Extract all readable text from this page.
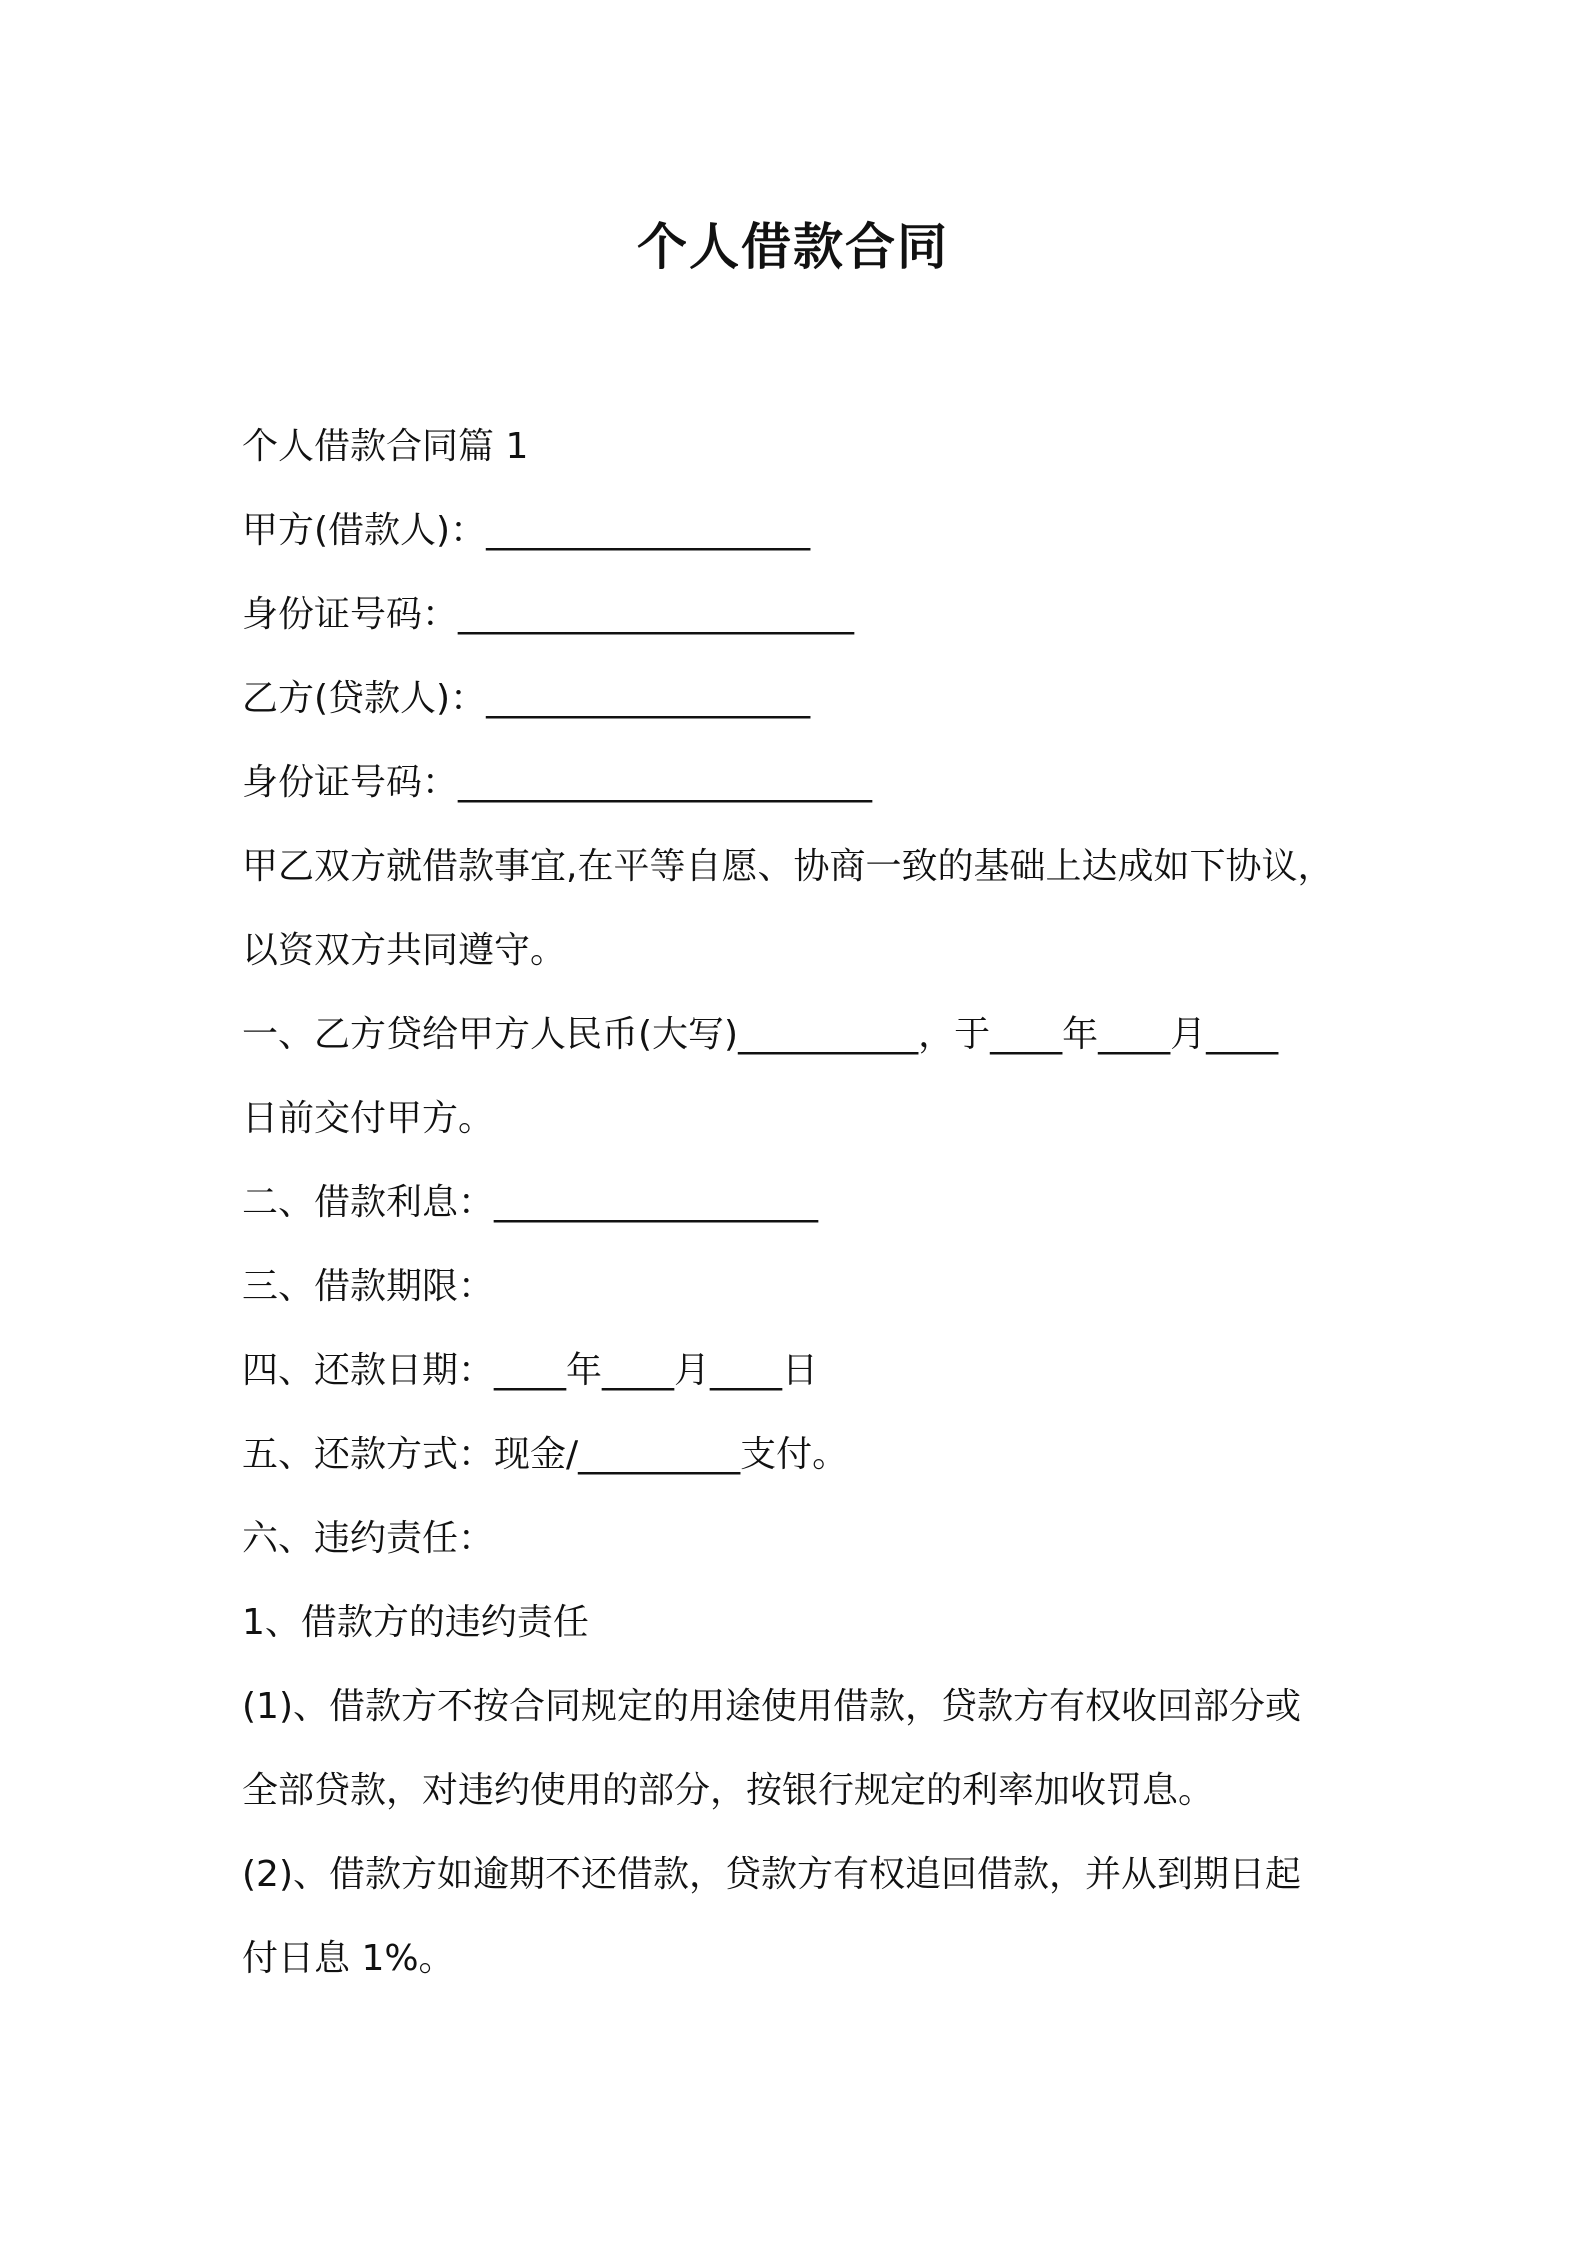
个人借款合同

个人借款合同篇 1

甲方(借款人)：__________________

身份证号码：______________________

乙方(贷款人)：__________________

身份证号码：_______________________

甲乙双方就借款事宜,在平等自愿、协商一致的基础上达成如下协议，

以资双方共同遵守。

一、乙方贷给甲方人民币(大写)__________，于____年____月____

日前交付甲方。

二、借款利息：__________________

三、借款期限：

四、还款日期：____年____月____日

五、还款方式：现金/_________支付。

六、违约责任：

1、借款方的违约责任

(1)、借款方不按合同规定的用途使用借款，贷款方有权收回部分或

全部贷款，对违约使用的部分，按银行规定的利率加收罚息。

(2)、借款方如逾期不还借款，贷款方有权追回借款，并从到期日起

付日息 1%。
